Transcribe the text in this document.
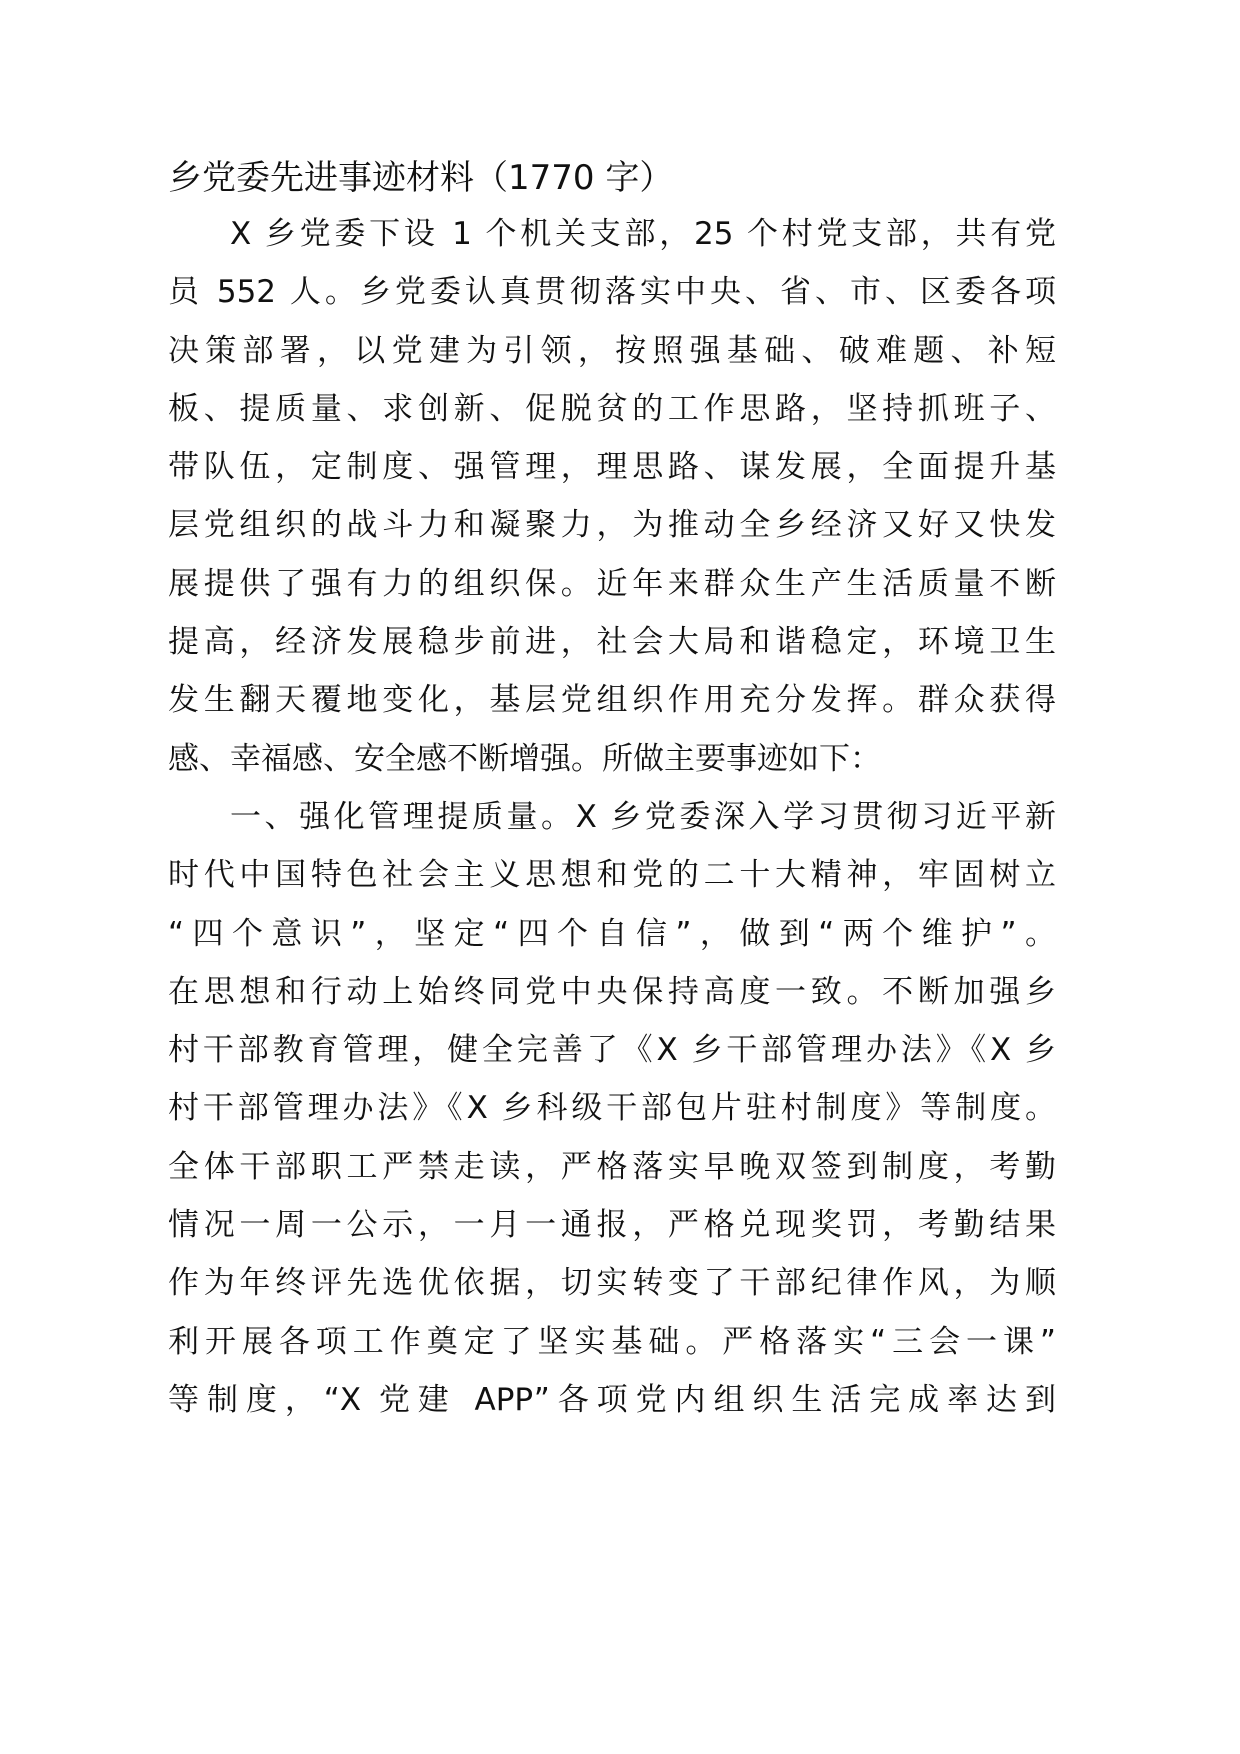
乡党委先进事迹材料（1770 字）
X 乡党委下设 1 个机关支部，25 个村党支部，共有党
员 552 人。乡党委认真贯彻落实中央、省、市、区委各项
决策部署，以党建为引领，按照强基础、破难题、补短
板、提质量、求创新、促脱贫的工作思路，坚持抓班子、
带队伍，定制度、强管理，理思路、谋发展，全面提升基
层党组织的战斗力和凝聚力，为推动全乡经济又好又快发
展提供了强有力的组织保。近年来群众生产生活质量不断
提高，经济发展稳步前进，社会大局和谐稳定，环境卫生
发生翻天覆地变化，基层党组织作用充分发挥。群众获得
感、幸福感、安全感不断增强。所做主要事迹如下：
一、强化管理提质量。X 乡党委深入学习贯彻习近平新
时代中国特色社会主义思想和党的二十大精神，牢固树立
“四个意识”，坚定“四个自信”，做到“两个维护”。
在思想和行动上始终同党中央保持高度一致。不断加强乡
村干部教育管理，健全完善了《X 乡干部管理办法》《X 乡
村干部管理办法》《X 乡科级干部包片驻村制度》等制度。
全体干部职工严禁走读，严格落实早晚双签到制度，考勤
情况一周一公示，一月一通报，严格兑现奖罚，考勤结果
作为年终评先选优依据，切实转变了干部纪律作风，为顺
利开展各项工作奠定了坚实基础。严格落实“三会一课”
等制度，“X 党建 APP”各项党内组织生活完成率达到
